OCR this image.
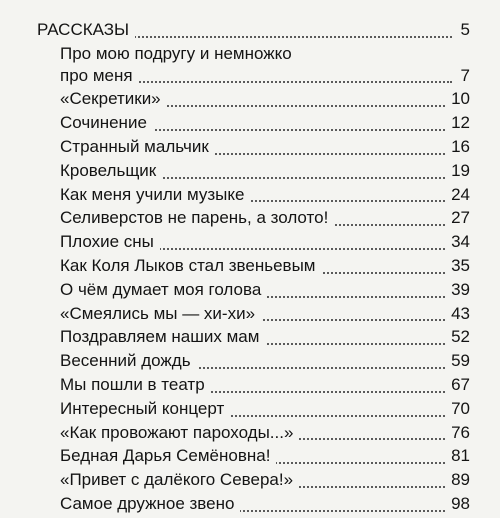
РАССКАЗЫ	5
Про мою подругу и немножко
про меня	7
«Секретики»	10
Сочинение	12
Странный мальчик	16
Кровельщик	19
Как меня учили музыке	24
Селиверстов не парень, а золото!	27
Плохие сны	34
Как Коля Лыков стал звеньевым	35
О чём думает моя голова	39
«Смеялись мы — хи-хи»	43
Поздравляем наших мам	52
Весенний дождь	59
Мы пошли в театр	67
Интересный концерт	70
«Как провожают пароходы...»	76
Бедная Дарья Семёновна!	81
«Привет с далёкого Севера!»	89
Самое дружное звено	98
